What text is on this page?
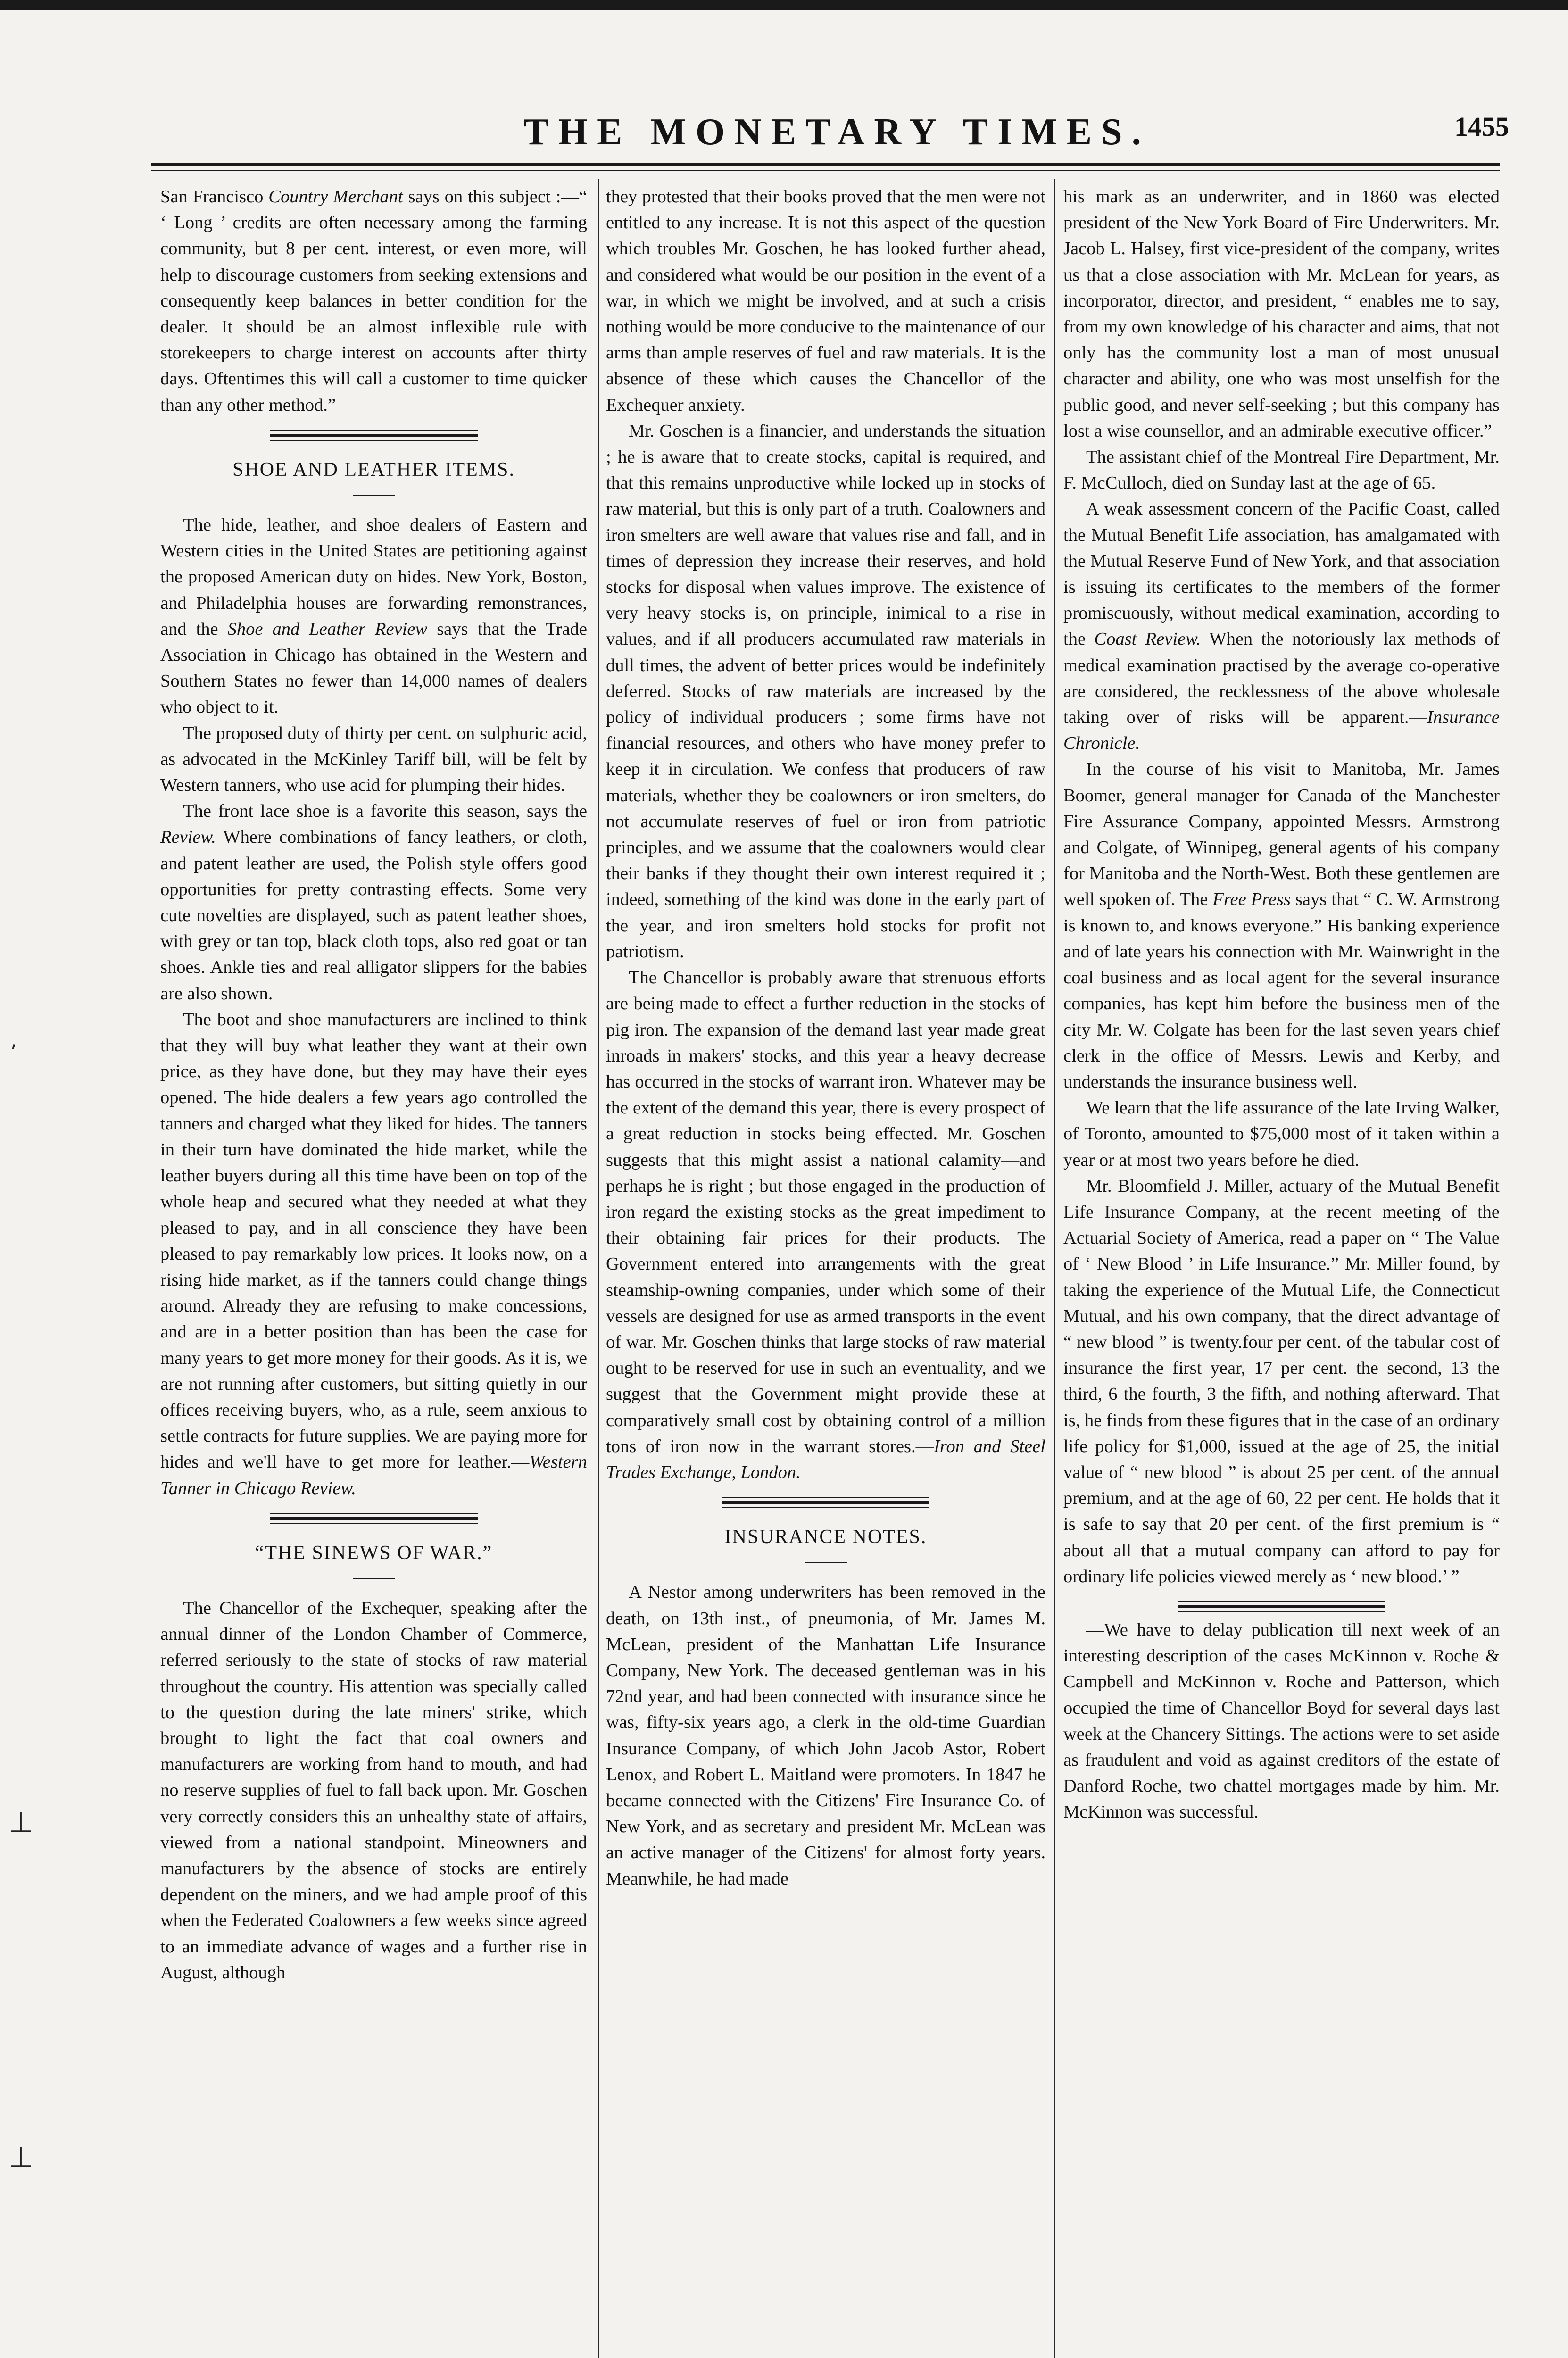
THE MONETARY TIMES.	1455
,
⊥
⊥

San Francisco Country Merchant says on this subject :—“ ‘ Long ’ credits are often necessary among the farming community, but 8 per cent. interest, or even more, will help to discourage customers from seeking extensions and consequently keep balances in better condition for the dealer. It should be an almost inflexible rule with storekeepers to charge interest on accounts after thirty days. Oftentimes this will call a customer to time quicker than any other method.”

SHOE AND LEATHER ITEMS.

The hide, leather, and shoe dealers of Eastern and Western cities in the United States are petitioning against the proposed American duty on hides. New York, Boston, and Philadelphia houses are forwarding remonstrances, and the Shoe and Leather Review says that the Trade Association in Chicago has obtained in the Western and Southern States no fewer than 14,000 names of dealers who object to it.

The proposed duty of thirty per cent. on sulphuric acid, as advocated in the McKinley Tariff bill, will be felt by Western tanners, who use acid for plumping their hides.

The front lace shoe is a favorite this season, says the Review. Where combinations of fancy leathers, or cloth, and patent leather are used, the Polish style offers good opportunities for pretty contrasting effects. Some very cute novelties are displayed, such as patent leather shoes, with grey or tan top, black cloth tops, also red goat or tan shoes. Ankle ties and real alligator slippers for the babies are also shown.

The boot and shoe manufacturers are inclined to think that they will buy what leather they want at their own price, as they have done, but they may have their eyes opened. The hide dealers a few years ago controlled the tanners and charged what they liked for hides. The tanners in their turn have dominated the hide market, while the leather buyers during all this time have been on top of the whole heap and secured what they needed at what they pleased to pay, and in all conscience they have been pleased to pay remarkably low prices. It looks now, on a rising hide market, as if the tanners could change things around. Already they are refusing to make concessions, and are in a better position than has been the case for many years to get more money for their goods. As it is, we are not running after customers, but sitting quietly in our offices receiving buyers, who, as a rule, seem anxious to settle contracts for future supplies. We are paying more for hides and we'll have to get more for leather.—Western Tanner in Chicago Review.

“THE SINEWS OF WAR.”

The Chancellor of the Exchequer, speaking after the annual dinner of the London Chamber of Commerce, referred seriously to the state of stocks of raw material throughout the country. His attention was specially called to the question during the late miners' strike, which brought to light the fact that coal owners and manufacturers are working from hand to mouth, and had no reserve supplies of fuel to fall back upon. Mr. Goschen very correctly considers this an unhealthy state of affairs, viewed from a national standpoint. Mineowners and manufacturers by the absence of stocks are entirely dependent on the miners, and we had ample proof of this when the Federated Coalowners a few weeks since agreed to an immediate advance of wages and a further rise in August, although

they protested that their books proved that the men were not entitled to any increase. It is not this aspect of the question which troubles Mr. Goschen, he has looked further ahead, and considered what would be our position in the event of a war, in which we might be involved, and at such a crisis nothing would be more conducive to the maintenance of our arms than ample reserves of fuel and raw materials. It is the absence of these which causes the Chancellor of the Exchequer anxiety.

Mr. Goschen is a financier, and understands the situation ; he is aware that to create stocks, capital is required, and that this remains unproductive while locked up in stocks of raw material, but this is only part of a truth. Coalowners and iron smelters are well aware that values rise and fall, and in times of depression they increase their reserves, and hold stocks for disposal when values improve. The existence of very heavy stocks is, on principle, inimical to a rise in values, and if all producers accumulated raw materials in dull times, the advent of better prices would be indefinitely deferred. Stocks of raw materials are increased by the policy of individual producers ; some firms have not financial resources, and others who have money prefer to keep it in circulation. We confess that producers of raw materials, whether they be coalowners or iron smelters, do not accumulate reserves of fuel or iron from patriotic principles, and we assume that the coalowners would clear their banks if they thought their own interest required it ; indeed, something of the kind was done in the early part of the year, and iron smelters hold stocks for profit not patriotism.

The Chancellor is probably aware that strenuous efforts are being made to effect a further reduction in the stocks of pig iron. The expansion of the demand last year made great inroads in makers' stocks, and this year a heavy decrease has occurred in the stocks of warrant iron. Whatever may be the extent of the demand this year, there is every prospect of a great reduction in stocks being effected. Mr. Goschen suggests that this might assist a national calamity—and perhaps he is right ; but those engaged in the production of iron regard the existing stocks as the great impediment to their obtaining fair prices for their products. The Government entered into arrangements with the great steamship-owning companies, under which some of their vessels are designed for use as armed transports in the event of war. Mr. Goschen thinks that large stocks of raw material ought to be reserved for use in such an eventuality, and we suggest that the Government might provide these at comparatively small cost by obtaining control of a million tons of iron now in the warrant stores.—Iron and Steel Trades Exchange, London.

INSURANCE NOTES.

A Nestor among underwriters has been removed in the death, on 13th inst., of pneumonia, of Mr. James M. McLean, president of the Manhattan Life Insurance Company, New York. The deceased gentleman was in his 72nd year, and had been connected with insurance since he was, fifty-six years ago, a clerk in the old-time Guardian Insurance Company, of which John Jacob Astor, Robert Lenox, and Robert L. Maitland were promoters. In 1847 he became connected with the Citizens' Fire Insurance Co. of New York, and as secretary and president Mr. McLean was an active manager of the Citizens' for almost forty years. Meanwhile, he had made

his mark as an underwriter, and in 1860 was elected president of the New York Board of Fire Underwriters. Mr. Jacob L. Halsey, first vice-president of the company, writes us that a close association with Mr. McLean for years, as incorporator, director, and president, “ enables me to say, from my own knowledge of his character and aims, that not only has the community lost a man of most unusual character and ability, one who was most unselfish for the public good, and never self-seeking ; but this company has lost a wise counsellor, and an admirable executive officer.”

The assistant chief of the Montreal Fire Department, Mr. F. McCulloch, died on Sunday last at the age of 65.

A weak assessment concern of the Pacific Coast, called the Mutual Benefit Life association, has amalgamated with the Mutual Reserve Fund of New York, and that association is issuing its certificates to the members of the former promiscuously, without medical examination, according to the Coast Review. When the notoriously lax methods of medical examination practised by the average co-operative are considered, the recklessness of the above wholesale taking over of risks will be apparent.—Insurance Chronicle.

In the course of his visit to Manitoba, Mr. James Boomer, general manager for Canada of the Manchester Fire Assurance Company, appointed Messrs. Armstrong and Colgate, of Winnipeg, general agents of his company for Manitoba and the North-West. Both these gentlemen are well spoken of. The Free Press says that “ C. W. Armstrong is known to, and knows everyone.” His banking experience and of late years his connection with Mr. Wainwright in the coal business and as local agent for the several insurance companies, has kept him before the business men of the city Mr. W. Colgate has been for the last seven years chief clerk in the office of Messrs. Lewis and Kerby, and understands the insurance business well.

We learn that the life assurance of the late Irving Walker, of Toronto, amounted to $75,000 most of it taken within a year or at most two years before he died.

Mr. Bloomfield J. Miller, actuary of the Mutual Benefit Life Insurance Company, at the recent meeting of the Actuarial Society of America, read a paper on “ The Value of ‘ New Blood ’ in Life Insurance.” Mr. Miller found, by taking the experience of the Mutual Life, the Connecticut Mutual, and his own company, that the direct advantage of “ new blood ” is twenty.four per cent. of the tabular cost of insurance the first year, 17 per cent. the second, 13 the third, 6 the fourth, 3 the fifth, and nothing afterward. That is, he finds from these figures that in the case of an ordinary life policy for $1,000, issued at the age of 25, the initial value of “ new blood ” is about 25 per cent. of the annual premium, and at the age of 60, 22 per cent. He holds that it is safe to say that 20 per cent. of the first premium is “ about all that a mutual company can afford to pay for ordinary life policies viewed merely as ‘ new blood.’ ”

—We have to delay publication till next week of an interesting description of the cases McKinnon v. Roche & Campbell and McKinnon v. Roche and Patterson, which occupied the time of Chancellor Boyd for several days last week at the Chancery Sittings. The actions were to set aside as fraudulent and void as against creditors of the estate of Danford Roche, two chattel mortgages made by him. Mr. McKinnon was successful.
